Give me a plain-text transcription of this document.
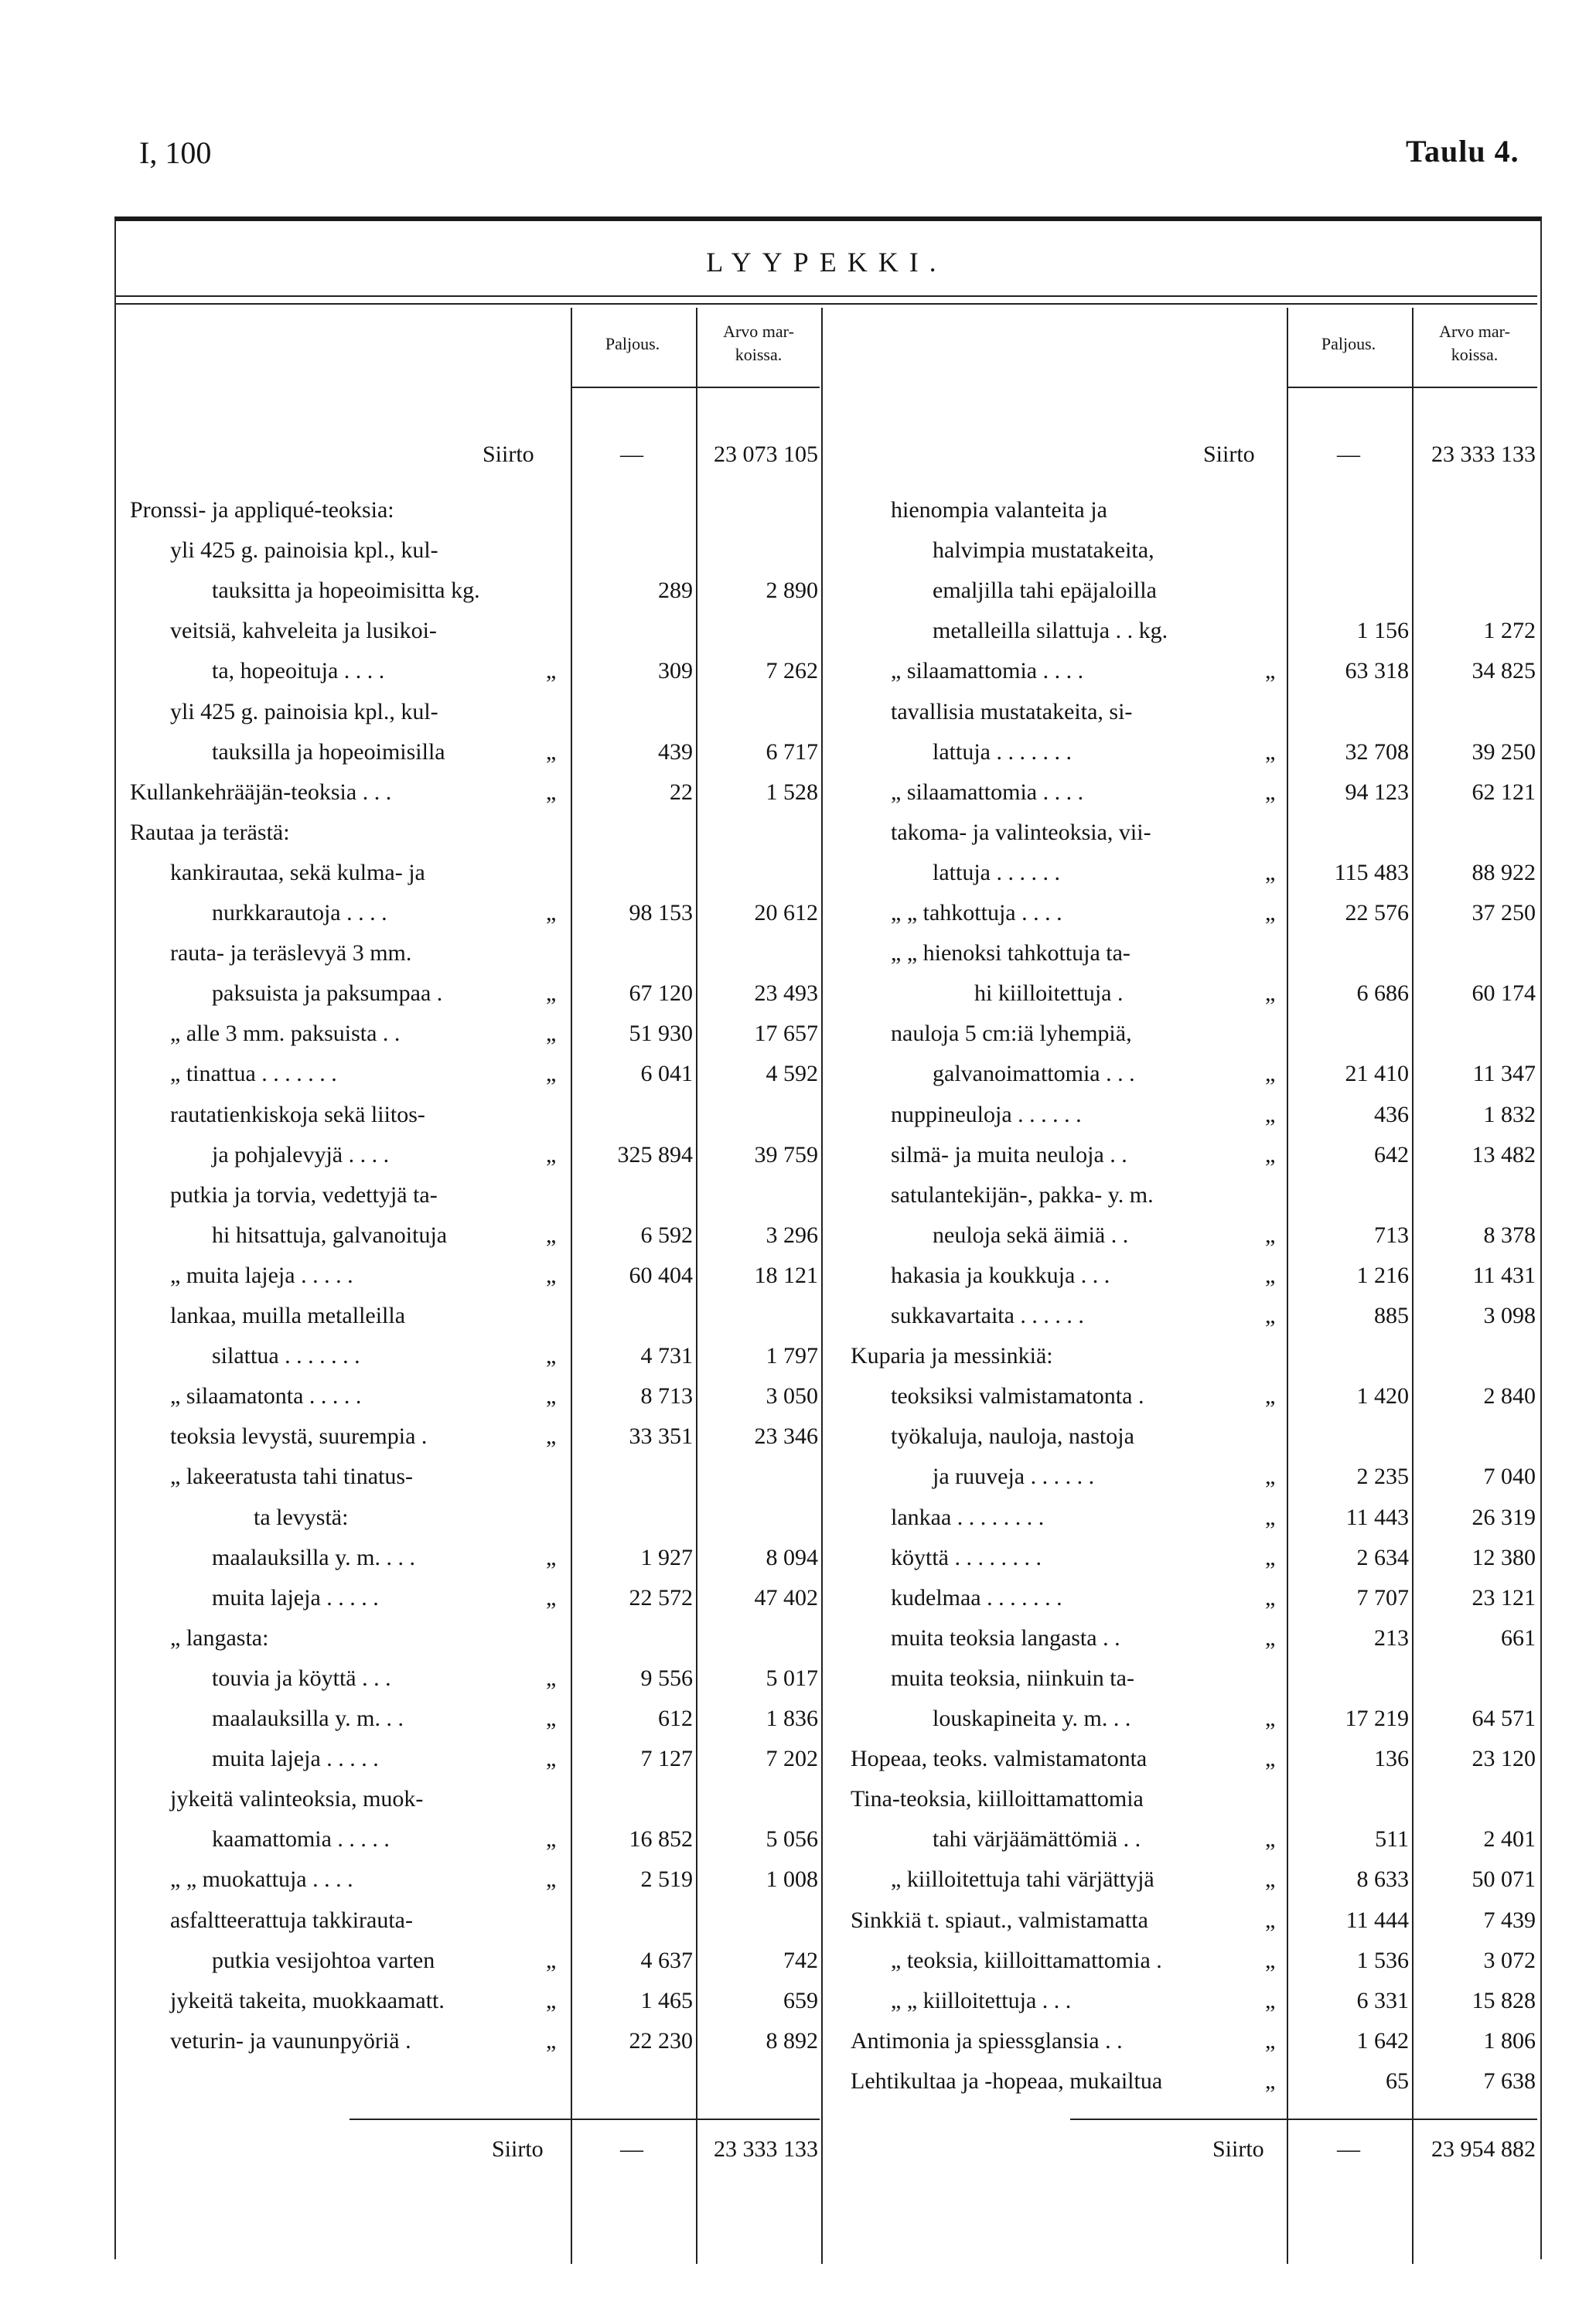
I, 100	Taulu 4.
LYYPEKKI.
Paljous.
Arvo mar-
koissa.
Paljous.
Arvo mar-
koissa.
Siirto	—	23 073 105	Siirto	—	23 333 133
Pronssi- ja appliqué-teoksia:
yli 425 g. painoisia kpl., kul-
tauksitta ja hopeoimisitta kg.	289	2 890
veitsiä, kahveleita ja lusikoi-
ta, hopeoituja . . . .	„	309	7 262
yli 425 g. painoisia kpl., kul-
tauksilla ja hopeoimisilla	„	439	6 717
Kullankehrääjän-teoksia . . .	„	22	1 528
Rautaa ja terästä:
kankirautaa, sekä kulma- ja
nurkkarautoja . . . .	„	98 153	20 612
rauta- ja teräslevyä 3 mm.
paksuista ja paksumpaa .	„	67 120	23 493
„ alle 3 mm. paksuista . .	„	51 930	17 657
„ tinattua . . . . . . .	„	6 041	4 592
rautatienkiskoja sekä liitos-
ja pohjalevyjä . . . .	„	325 894	39 759
putkia ja torvia, vedettyjä ta-
hi hitsattuja, galvanoituja	„	6 592	3 296
„ muita lajeja . . . . .	„	60 404	18 121
lankaa, muilla metalleilla
silattua . . . . . . .	„	4 731	1 797
„ silaamatonta . . . . .	„	8 713	3 050
teoksia levystä, suurempia .	„	33 351	23 346
„ lakeeratusta tahi tinatus-
ta levystä:
maalauksilla y. m. . . .	„	1 927	8 094
muita lajeja . . . . .	„	22 572	47 402
„ langasta:
touvia ja köyttä . . .	„	9 556	5 017
maalauksilla y. m. . .	„	612	1 836
muita lajeja . . . . .	„	7 127	7 202
jykeitä valinteoksia, muok-
kaamattomia . . . . .	„	16 852	5 056
„ „ muokattuja . . . .	„	2 519	1 008
asfaltteerattuja takkirauta-
putkia vesijohtoa varten	„	4 637	742
jykeitä takeita, muokkaamatt.	„	1 465	659
veturin- ja vaununpyöriä .	„	22 230	8 892
hienompia valanteita ja
halvimpia mustatakeita,
emaljilla tahi epäjaloilla
metalleilla silattuja . . kg.	1 156	1 272
„ silaamattomia . . . .	„	63 318	34 825
tavallisia mustatakeita, si-
lattuja . . . . . . .	„	32 708	39 250
„ silaamattomia . . . .	„	94 123	62 121
takoma- ja valinteoksia, vii-
lattuja . . . . . .	„	115 483	88 922
„ „ tahkottuja . . . .	„	22 576	37 250
„ „ hienoksi tahkottuja ta-
hi kiilloitettuja .	„	6 686	60 174
nauloja 5 cm:iä lyhempiä,
galvanoimattomia . . .	„	21 410	11 347
nuppineuloja . . . . . .	„	436	1 832
silmä- ja muita neuloja . .	„	642	13 482
satulantekijän-, pakka- y. m.
neuloja sekä äimiä . .	„	713	8 378
hakasia ja koukkuja . . .	„	1 216	11 431
sukkavartaita . . . . . .	„	885	3 098
Kuparia ja messinkiä:
teoksiksi valmistamatonta .	„	1 420	2 840
työkaluja, nauloja, nastoja
ja ruuveja . . . . . .	„	2 235	7 040
lankaa . . . . . . . .	„	11 443	26 319
köyttä . . . . . . . .	„	2 634	12 380
kudelmaa . . . . . . .	„	7 707	23 121
muita teoksia langasta . .	„	213	661
muita teoksia, niinkuin ta-
louskapineita y. m. . .	„	17 219	64 571
Hopeaa, teoks. valmistamatonta	„	136	23 120
Tina-teoksia, kiilloittamattomia
tahi värjäämättömiä . .	„	511	2 401
„ kiilloitettuja tahi värjättyjä	„	8 633	50 071
Sinkkiä t. spiaut., valmistamatta	„	11 444	7 439
„ teoksia, kiilloittamattomia .	„	1 536	3 072
„ „ kiilloitettuja . . .	„	6 331	15 828
Antimonia ja spiessglansia . .	„	1 642	1 806
Lehtikultaa ja -hopeaa, mukailtua	„	65	7 638
Siirto	—	23 333 133	Siirto	—	23 954 882
